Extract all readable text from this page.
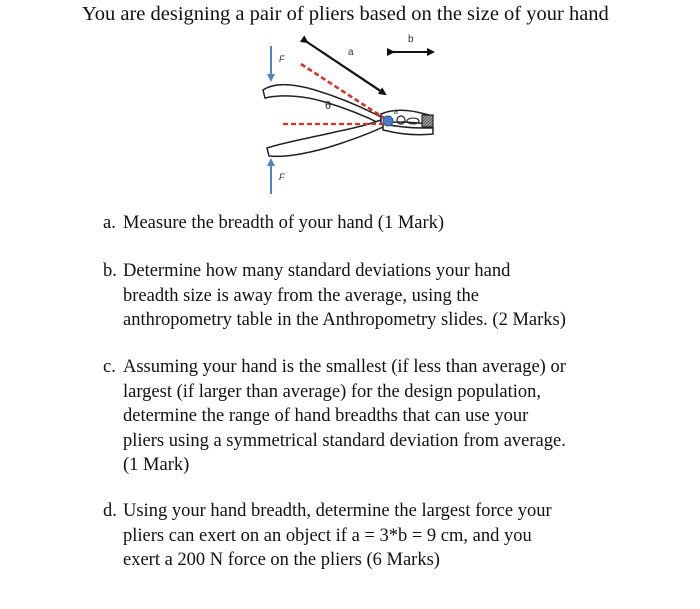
You are designing a pair of pliers based on the size of your hand
F
a
b
a
θ
F
a. Measure the breadth of your hand (1 Mark)
b. Determine how many standard deviations your hand
breadth size is away from the average, using the
anthropometry table in the Anthropometry slides. (2 Marks)
c. Assuming your hand is the smallest (if less than average) or
largest (if larger than average) for the design population,
determine the range of hand breadths that can use your
pliers using a symmetrical standard deviation from average.
(1 Mark)
d. Using your hand breadth, determine the largest force your
pliers can exert on an object if a = 3*b = 9 cm, and you
exert a 200 N force on the pliers (6 Marks)
